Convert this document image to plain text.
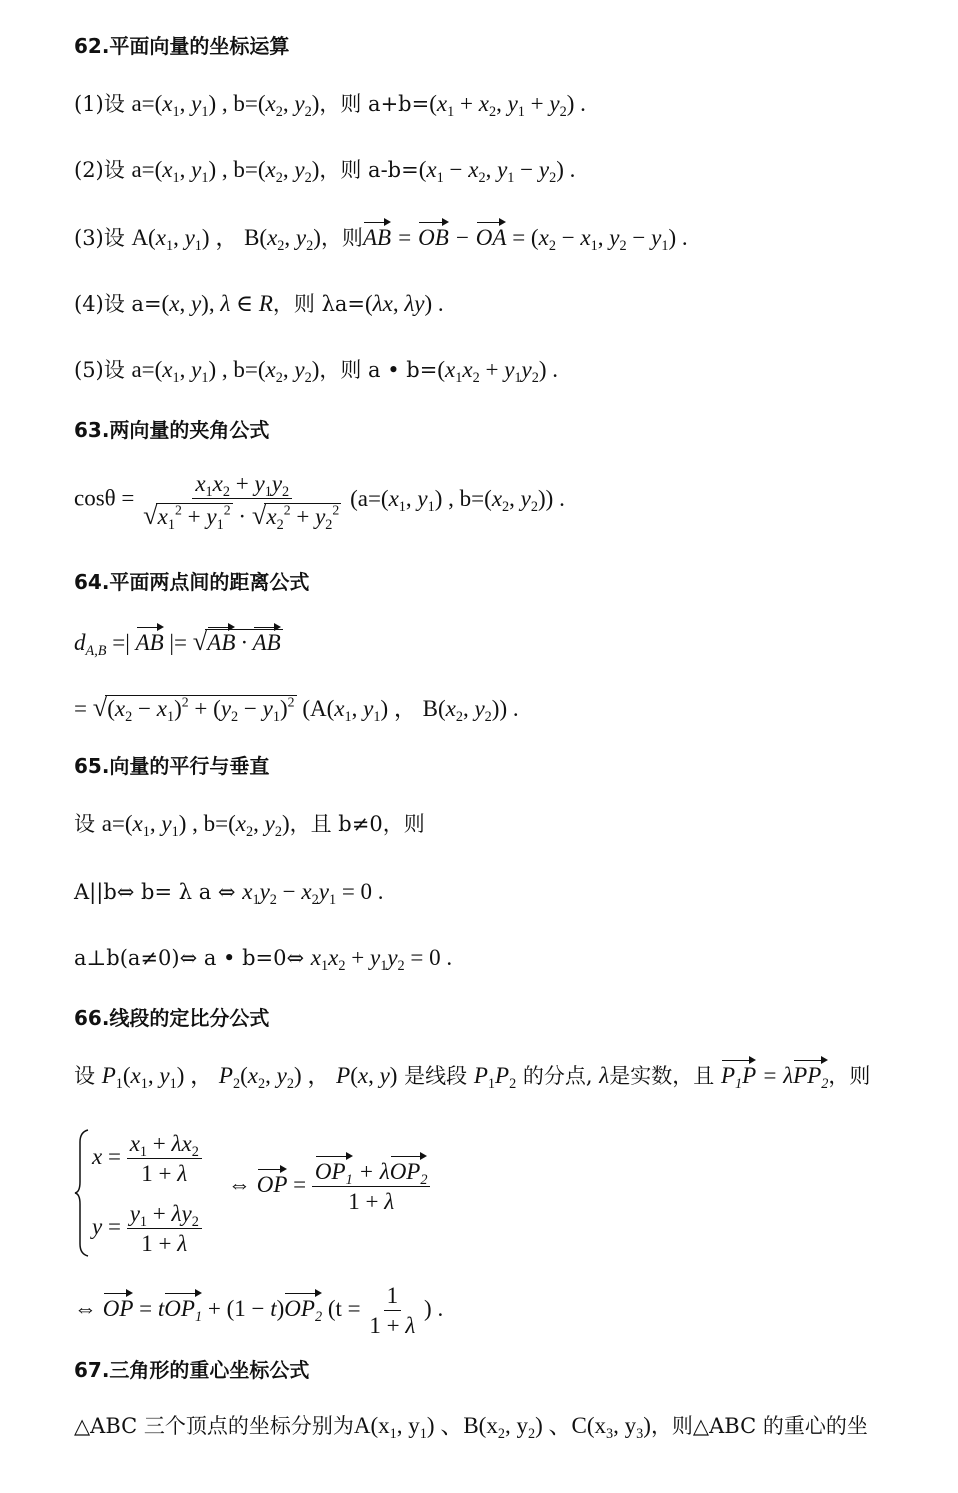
62.平面向量的坐标运算
(1)设 $a=(x_1$, $y_1$) , $b=(x_2$, $y_2$)，则 $a+b=(x_1 + x_2$, $y_1 + y_2$) .
(2)设 $a=(x_1$, $y_1$) , $b=(x_2$, $y_2$)，则 $a-b=(x_1 - x_2$, $y_1 - y_2$) .
(3)设 $A(x_1$, $y_1$) ， $B(x_2$, $y_2$)，则AB = OB − OA = ($x_2 - x_1$, $y_2 - y_1$) .
(4)设 a=(x, y), λ ∈ R，则 λa=(λx, λy) .
(5)设 $a=(x_1$, $y_1$) , $b=(x_2$, $y_2$)，则 a • $b=(x_1x_2 + y_1y_2)$ .
63.两向量的夹角公式
$\cos\theta = \frac{x_1x_2 + y_1y_2}{√x_1^2 + y_1^2 \cdot √x_2^2 + y_2^2} (a=(x_1$, $y_1$) , $b=(x_2$, $y_2$)) .
64.平面两点间的距离公式
$d_{A,B}$ =| AB |= √AB · AB
= $√(x_2 - x_1)^2 + (y_2 - y_1)^2$ ($A(x_1$, $y_1$) ， $B(x_2$, $y_2$)) .
65.向量的平行与垂直
设 $a=(x_1$, $y_1$) , $b=(x_2$, $y_2$)，且 b≠0，则
A||b⇔ b= λ a ⇔ $x_1y_2 - x_2y_1 = 0$ .
a⊥b(a≠0)⇔ a • b=0⇔ $x_1x_2 + y_1y_2 = 0$ .
66.线段的定比分公式
设 $P_1(x_1$, $y_1$) ， $P_2(x_2$, $y_2$) ， P(x, y) 是线段 $P_1P_2$ 的分点, λ是实数，且 $P_1P = \lambda PP_2$，则
$x = \frac{x_1 + \lambda x_2}{1 + \lambda}$ ⇔ OP = $\frac{OP_1 + \lambda OP_2}{1 + \lambda}$
$y = \frac{y_1 + \lambda y_2}{1 + \lambda}$
⇔ OP = $tOP_1 + (1 - t)OP_2$ ($t = \frac{1}{1 + \lambda}$ ) .
67.三角形的重心坐标公式
△ABC 三个顶点的坐标分别为$A(x_1$, $y_1$) 、$B(x_2$, $y_2$) 、$C(x_3$, $y_3$)，则△ABC 的重心的坐
